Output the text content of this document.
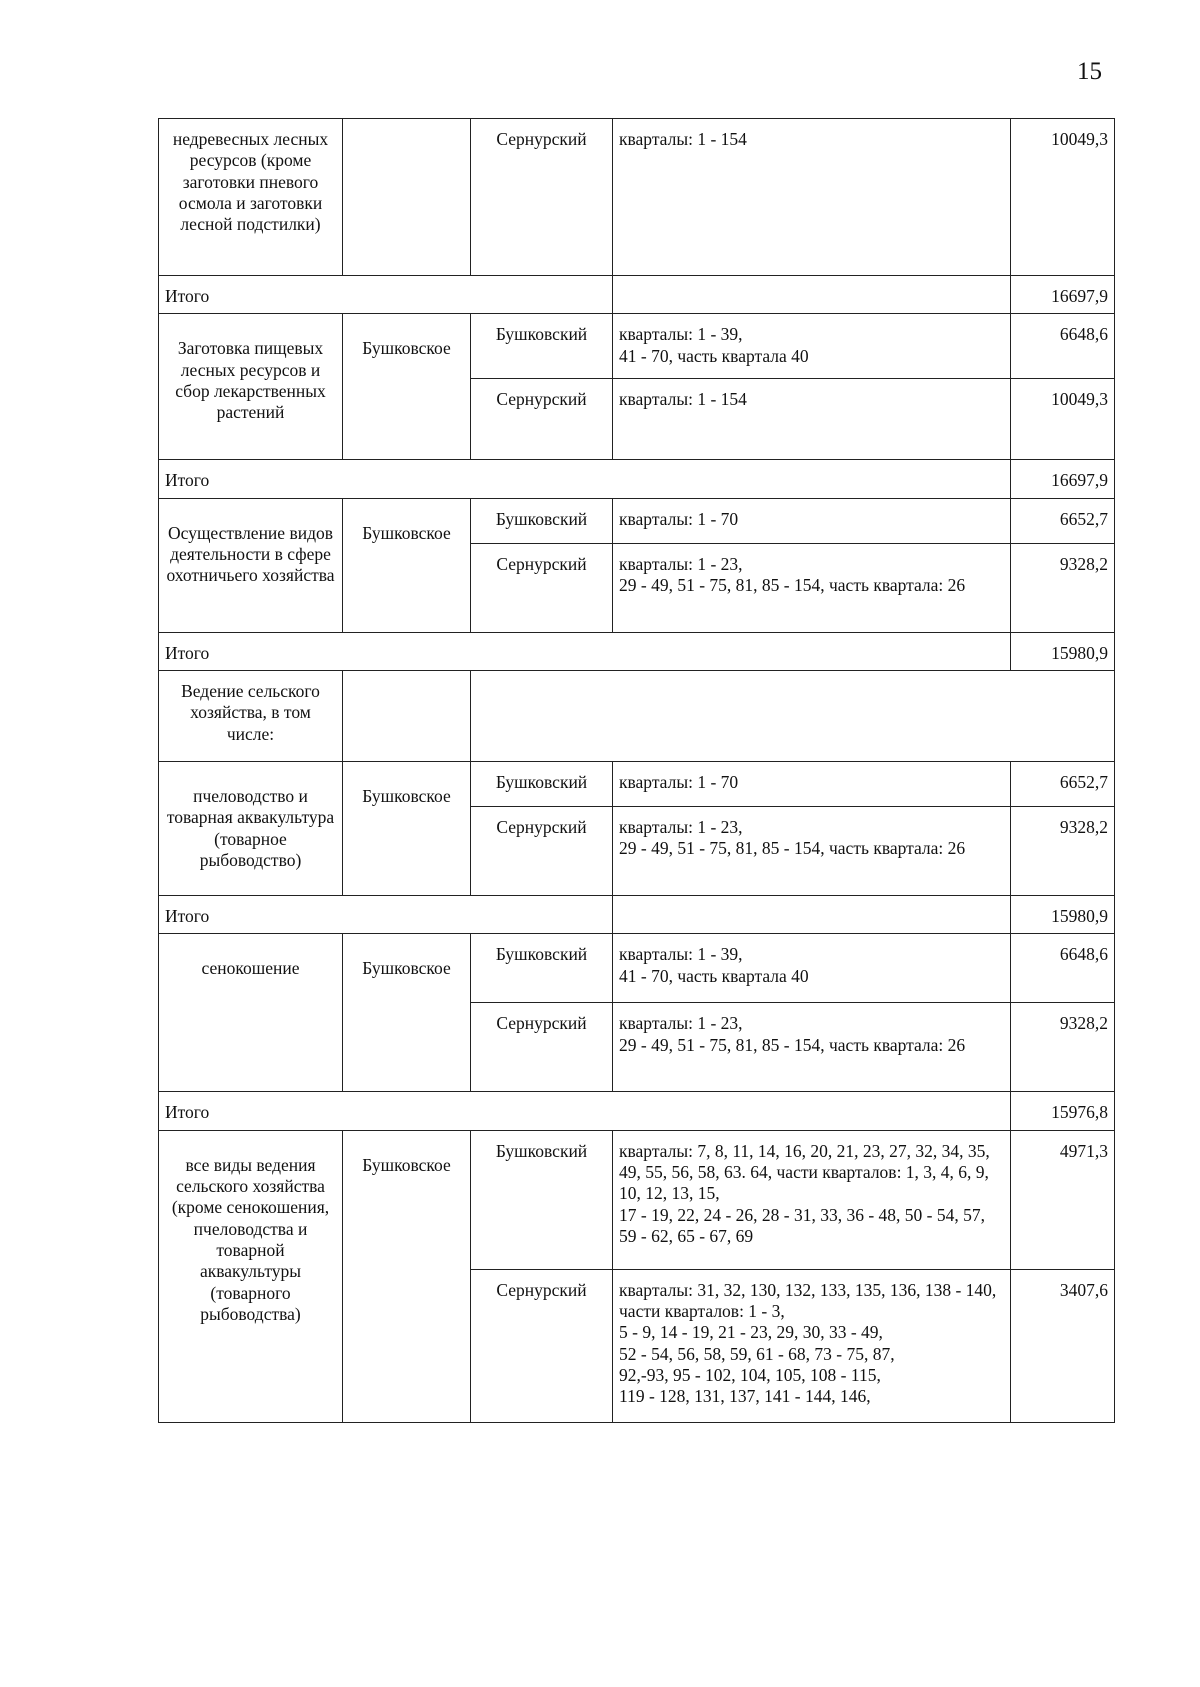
15
недревесных лесных ресурсов (кроме заготовки пневого осмола и заготовки лесной подстилки)		Сернурский	кварталы: 1 - 154	10049,3
Итого				16697,9
Заготовка пищевых лесных ресурсов и сбор лекарственных растений	Бушковское	Бушковский	кварталы: 1 - 39,
41 - 70, часть квартала 40	6648,6
		Сернурский	кварталы: 1 - 154	10049,3
Итого				16697,9
Осуществление видов деятельности в сфере охотничьего хозяйства	Бушковское	Бушковский	кварталы: 1 - 70	6652,7
		Сернурский	кварталы: 1 - 23,
29 - 49, 51 - 75, 81, 85 - 154, часть квартала: 26	9328,2
Итого				15980,9
Ведение сельского хозяйства, в том числе:				
пчеловодство и товарная аквакультура (товарное рыбоводство)	Бушковское	Бушковский	кварталы: 1 - 70	6652,7
		Сернурский	кварталы: 1 - 23,
29 - 49, 51 - 75, 81, 85 - 154, часть квартала: 26	9328,2
Итого				15980,9
сенокошение	Бушковское	Бушковский	кварталы: 1 - 39,
41 - 70, часть квартала 40	6648,6
		Сернурский	кварталы: 1 - 23,
29 - 49, 51 - 75, 81, 85 - 154, часть квартала: 26	9328,2
Итого				15976,8
все виды ведения сельского хозяйства (кроме сенокошения, пчеловодства и товарной аквакультуры (товарного рыбоводства)	Бушковское	Бушковский	кварталы: 7, 8, 11, 14, 16, 20, 21, 23, 27, 32, 34, 35, 49, 55, 56, 58, 63. 64, части кварталов: 1, 3, 4, 6, 9, 10, 12, 13, 15,
17 - 19, 22, 24 - 26, 28 - 31, 33, 36 - 48, 50 - 54, 57, 59 - 62, 65 - 67, 69	4971,3
		Сернурский	кварталы: 31, 32, 130, 132, 133, 135, 136, 138 - 140, части кварталов: 1 - 3,
5 - 9, 14 - 19, 21 - 23, 29, 30, 33 - 49,
52 - 54, 56, 58, 59, 61 - 68, 73 - 75, 87,
92,-93, 95 - 102, 104, 105, 108 - 115,
119 - 128, 131, 137, 141 - 144, 146,	3407,6
